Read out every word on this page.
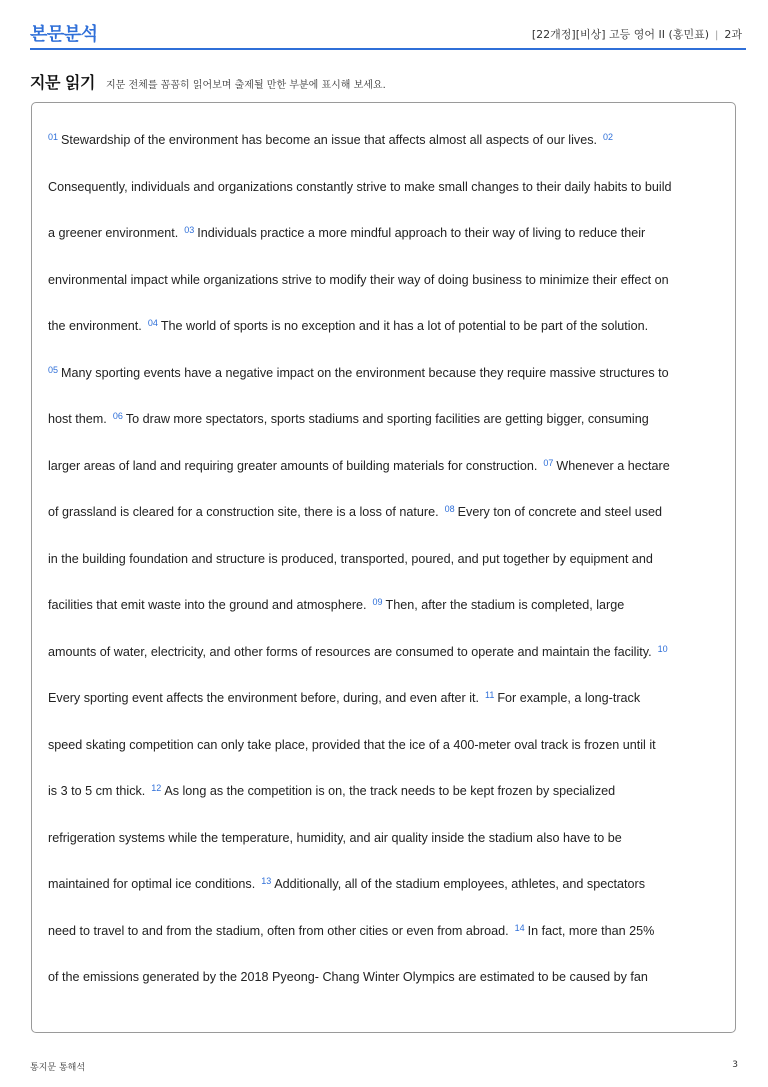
본문분석	[22개정][비상] 고등 영어 II (홍민표) | 2과
지문 읽기 지문 전체를 꼼꼼히 읽어보며 출제될 만한 부분에 표시해 보세요.
$^{01}$ Stewardship of the environment has become an issue that affects almost all aspects of our lives. $^{02}$
Consequently, individuals and organizations constantly strive to make small changes to their daily habits to build
a greener environment. $^{03}$ Individuals practice a more mindful approach to their way of living to reduce their
environmental impact while organizations strive to modify their way of doing business to minimize their effect on
the environment. $^{04}$ The world of sports is no exception and it has a lot of potential to be part of the solution.
$^{05}$ Many sporting events have a negative impact on the environment because they require massive structures to
host them. $^{06}$ To draw more spectators, sports stadiums and sporting facilities are getting bigger, consuming
larger areas of land and requiring greater amounts of building materials for construction. $^{07}$ Whenever a hectare
of grassland is cleared for a construction site, there is a loss of nature. $^{08}$ Every ton of concrete and steel used
in the building foundation and structure is produced, transported, poured, and put together by equipment and
facilities that emit waste into the ground and atmosphere. $^{09}$ Then, after the stadium is completed, large
amounts of water, electricity, and other forms of resources are consumed to operate and maintain the facility. $^{10}$
Every sporting event affects the environment before, during, and even after it. $^{11}$ For example, a long-track
speed skating competition can only take place, provided that the ice of a 400-meter oval track is frozen until it
is 3 to 5 cm thick. $^{12}$ As long as the competition is on, the track needs to be kept frozen by specialized
refrigeration systems while the temperature, humidity, and air quality inside the stadium also have to be
maintained for optimal ice conditions. $^{13}$ Additionally, all of the stadium employees, athletes, and spectators
need to travel to and from the stadium, often from other cities or even from abroad. $^{14}$ In fact, more than 25%
of the emissions generated by the 2018 Pyeong- Chang Winter Olympics are estimated to be caused by fan
통지문 통해석	3
